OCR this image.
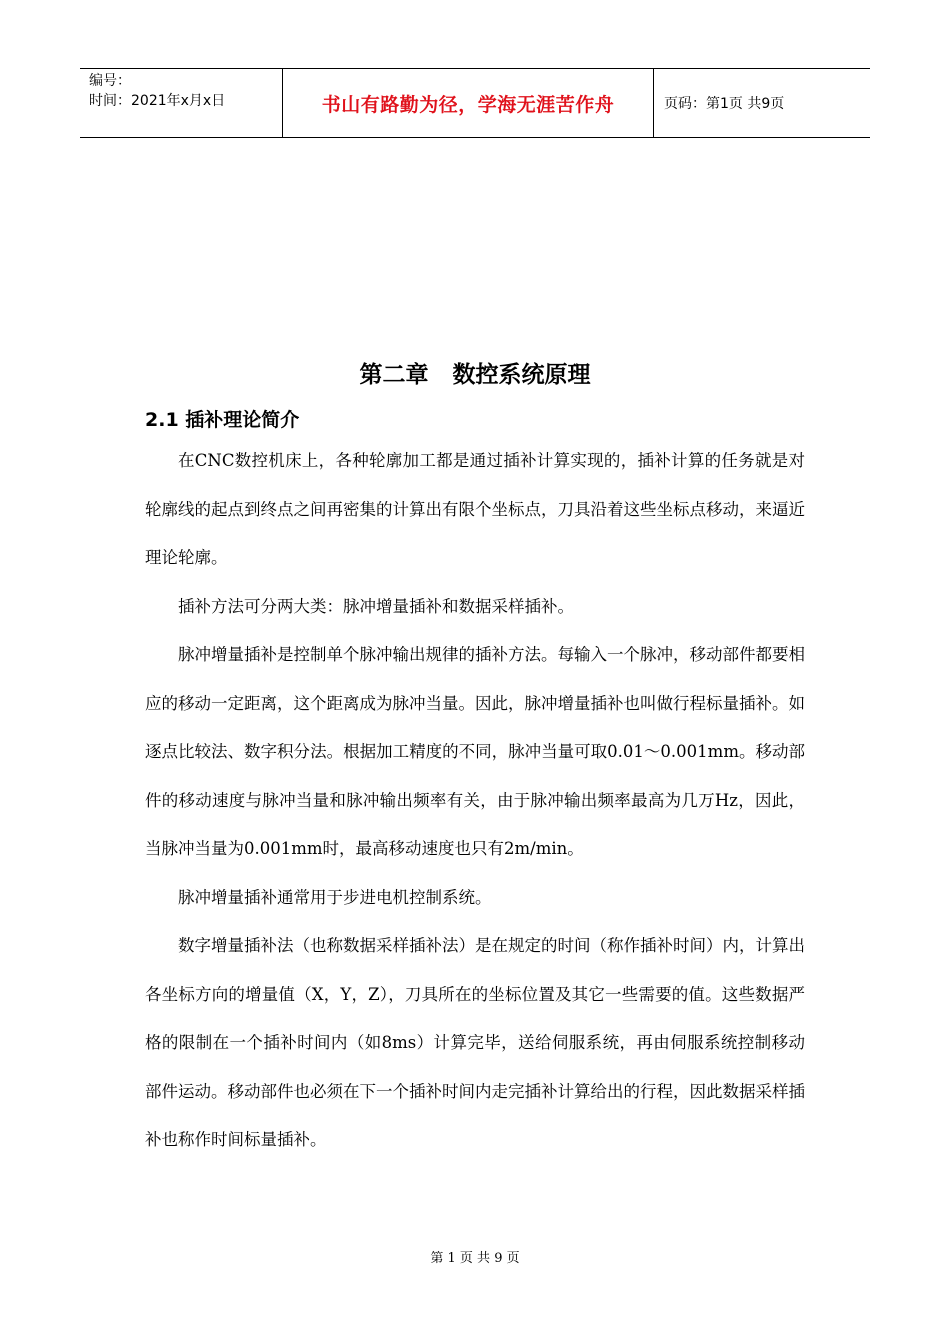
编号：
时间：2021年x月x日	书山有路勤为径，学海无涯苦作舟	页码：第1页 共9页
第二章   数控系统原理
2.1 插补理论简介

在CNC数控机床上，各种轮廓加工都是通过插补计算实现的，插补计算的任务就是对轮廓线的起点到终点之间再密集的计算出有限个坐标点，刀具沿着这些坐标点移动，来逼近理论轮廓。

插补方法可分两大类：脉冲增量插补和数据采样插补。

脉冲增量插补是控制单个脉冲输出规律的插补方法。每输入一个脉冲，移动部件都要相应的移动一定距离，这个距离成为脉冲当量。因此，脉冲增量插补也叫做行程标量插补。如逐点比较法、数字积分法。根据加工精度的不同，脉冲当量可取0.01～0.001mm。移动部件的移动速度与脉冲当量和脉冲输出频率有关，由于脉冲输出频率最高为几万Hz，因此，当脉冲当量为0.001mm时，最高移动速度也只有2m/min。

脉冲增量插补通常用于步进电机控制系统。

数字增量插补法（也称数据采样插补法）是在规定的时间（称作插补时间）内，计算出各坐标方向的增量值（X，Y，Z），刀具所在的坐标位置及其它一些需要的值。这些数据严格的限制在一个插补时间内（如8ms）计算完毕，送给伺服系统，再由伺服系统控制移动部件运动。移动部件也必须在下一个插补时间内走完插补计算给出的行程，因此数据采样插补也称作时间标量插补。

第 1 页 共 9 页
